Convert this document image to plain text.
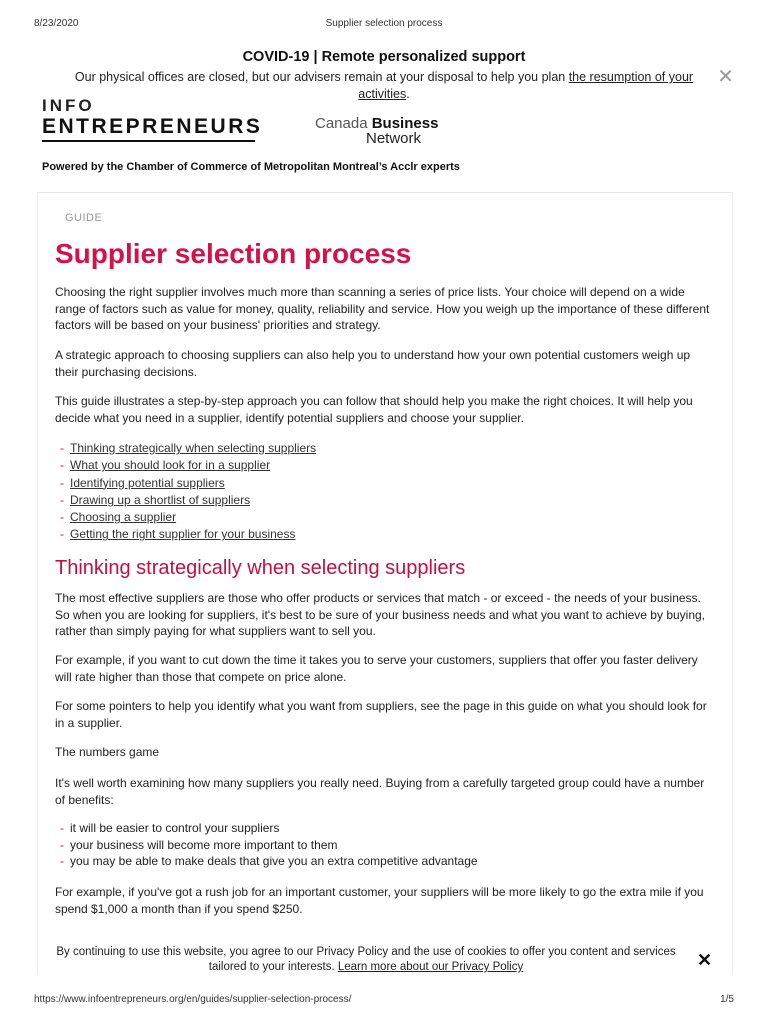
8/23/2020	Supplier selection process
COVID-19 | Remote personalized support
Our physical offices are closed, but our advisers remain at your disposal to help you plan the resumption of your activities.
✕
INFO
ENTREPRENEURS	Canada Business
Network
Powered by the Chamber of Commerce of Metropolitan Montreal’s Acclr experts
GUIDE
Supplier selection process

Choosing the right supplier involves much more than scanning a series of price lists. Your choice will depend on a wide range of factors such as value for money, quality, reliability and service. How you weigh up the importance of these different factors will be based on your business' priorities and strategy.

A strategic approach to choosing suppliers can also help you to understand how your own potential customers weigh up their purchasing decisions.

This guide illustrates a step-by-step approach you can follow that should help you make the right choices. It will help you decide what you need in a supplier, identify potential suppliers and choose your supplier.

- Thinking strategically when selecting suppliers
- What you should look for in a supplier
- Identifying potential suppliers
- Drawing up a shortlist of suppliers
- Choosing a supplier
- Getting the right supplier for your business
Thinking strategically when selecting suppliers

The most effective suppliers are those who offer products or services that match - or exceed - the needs of your business. So when you are looking for suppliers, it's best to be sure of your business needs and what you want to achieve by buying, rather than simply paying for what suppliers want to sell you.

For example, if you want to cut down the time it takes you to serve your customers, suppliers that offer you faster delivery will rate higher than those that compete on price alone.

For some pointers to help you identify what you want from suppliers, see the page in this guide on what you should look for in a supplier.

The numbers game

It's well worth examining how many suppliers you really need. Buying from a carefully targeted group could have a number of benefits:

- it will be easier to control your suppliers
- your business will become more important to them
- you may be able to make deals that give you an extra competitive advantage

For example, if you've got a rush job for an important customer, your suppliers will be more likely to go the extra mile if you spend $1,000 a month than if you spend $250.

By continuing to use this website, you agree to our Privacy Policy and the use of cookies to offer you content and services tailored to your interests. Learn more about our Privacy Policy	✕
https://www.infoentrepreneurs.org/en/guides/supplier-selection-process/	1/5
